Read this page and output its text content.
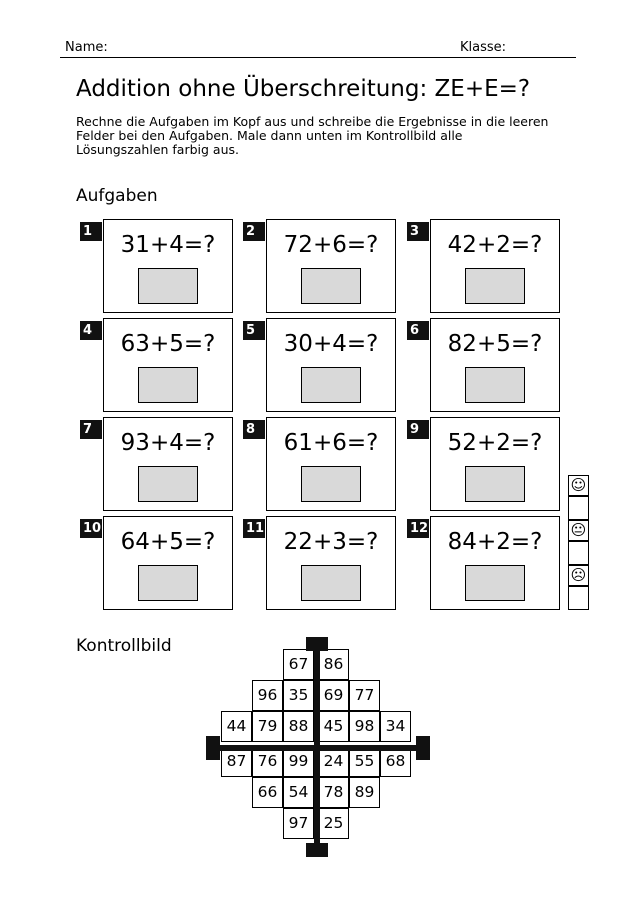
Name:	Klasse:
Addition ohne Überschreitung: ZE+E=?
Rechne die Aufgaben im Kopf aus und schreibe die Ergebnisse in die leeren Felder bei den Aufgaben. Male dann unten im Kontrollbild alle Lösungszahlen farbig aus.
Aufgaben
1
31+4=?
2
72+6=?
3
42+2=?
4
63+5=?
5
30+4=?
6
82+5=?
7
93+4=?
8
61+6=?
9
52+2=?
10
64+5=?
11
22+3=?
12
84+2=?
☺
😐
☹
Kontrollbild
67 86
96 35 69 77
44 79 88 45 98 34
87 76 99 24 55 68
66 54 78 89
97 25
